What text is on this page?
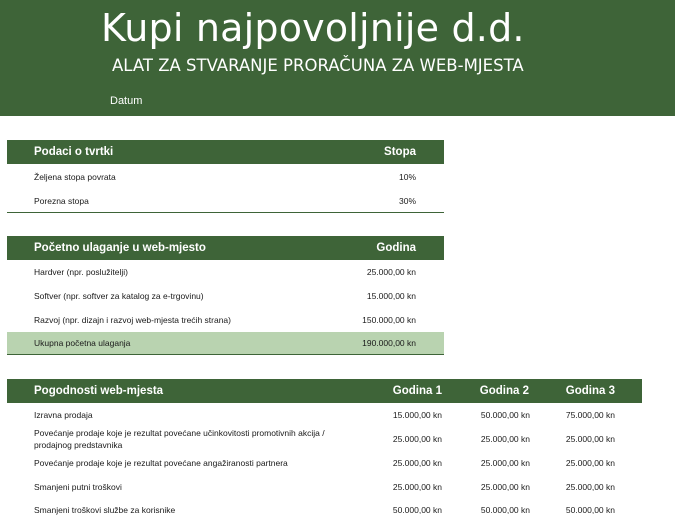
Kupi najpovoljnije d.d.
ALAT ZA STVARANJE PRORAČUNA ZA WEB-MJESTA
Datum
Podaci o tvrtki	Stopa
Željena stopa povrata	10%
Porezna stopa	30%
Početno ulaganje u web-mjesto	Godina
Hardver (npr. poslužitelji)	25.000,00 kn
Softver (npr. softver za katalog za e-trgovinu)	15.000,00 kn
Razvoj (npr. dizajn i razvoj web-mjesta trećih strana)	150.000,00 kn
Ukupna početna ulaganja	190.000,00 kn
Pogodnosti web-mjesta	Godina 1	Godina 2	Godina 3
Izravna prodaja	15.000,00 kn	50.000,00 kn	75.000,00 kn
Povećanje prodaje koje je rezultat povećane učinkovitosti promotivnih akcija /
prodajnog predstavnika
25.000,00 kn	25.000,00 kn	25.000,00 kn
Povećanje prodaje koje je rezultat povećane angažiranosti partnera	25.000,00 kn	25.000,00 kn	25.000,00 kn
Smanjeni putni troškovi	25.000,00 kn	25.000,00 kn	25.000,00 kn
Smanjeni troškovi službe za korisnike	50.000,00 kn	50.000,00 kn	50.000,00 kn
